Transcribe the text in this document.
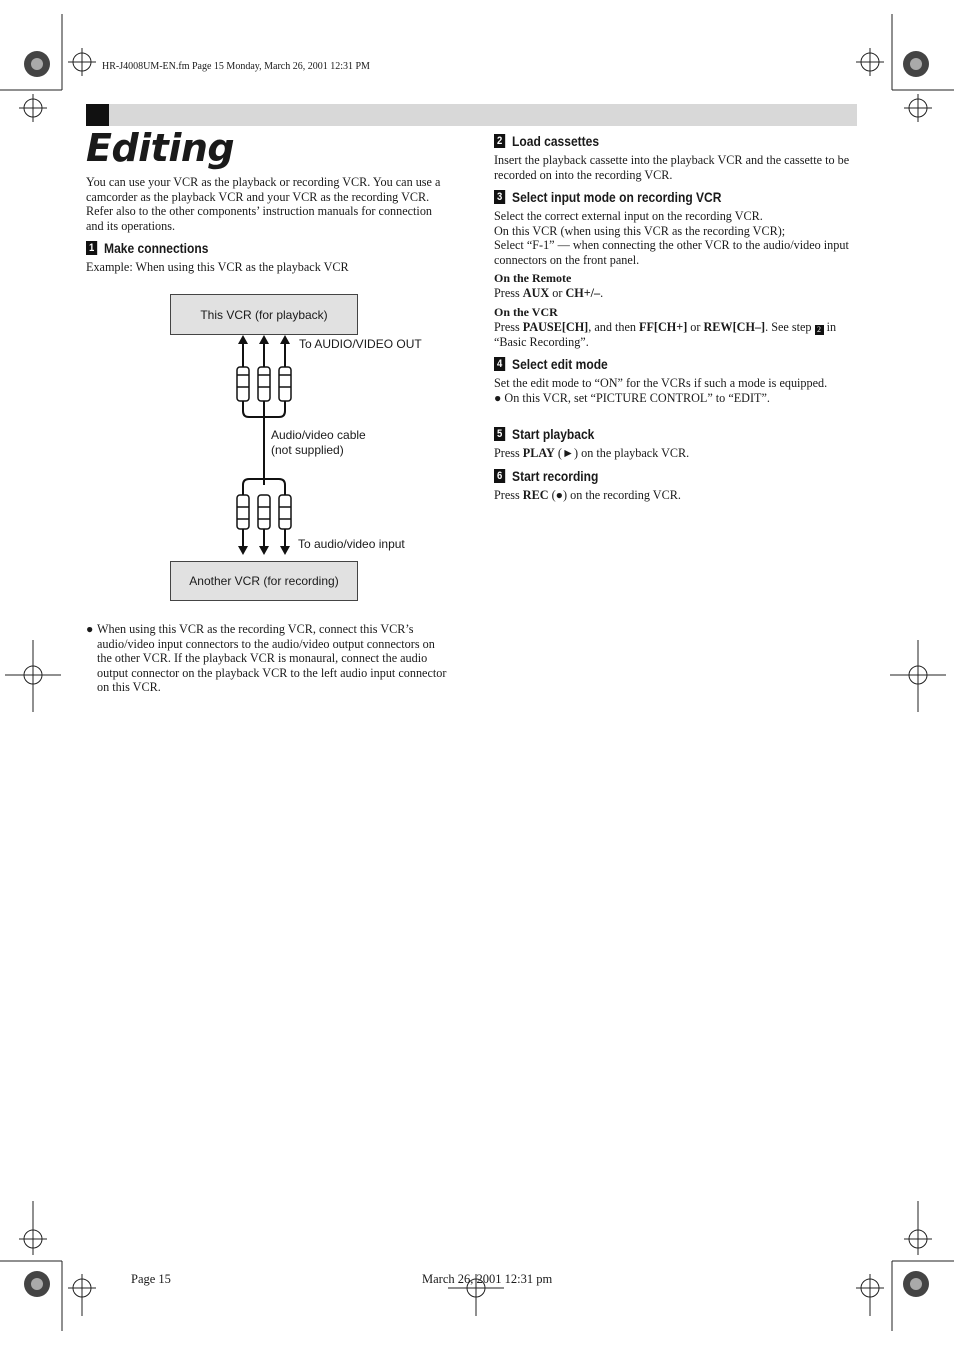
HR-J4008UM-EN.fm Page 15 Monday, March 26, 2001 12:31 PM
Editing
You can use your VCR as the playback or recording VCR. You can use a camcorder as the playback VCR and your VCR as the recording VCR. Refer also to the other components’ instruction manuals for connection and its operations.
1 Make connections
Example: When using this VCR as the playback VCR
This VCR (for playback)
Another VCR (for recording)
To AUDIO/VIDEO OUT
Audio/video cable
(not supplied)
To audio/video input
● When using this VCR as the recording VCR, connect this VCR’s audio/video input connectors to the audio/video output connectors on the other VCR. If the playback VCR is monaural, connect the audio output connector on the playback VCR to the left audio input connector on this VCR.
2 Load cassettes
Insert the playback cassette into the playback VCR and the cassette to be recorded on into the recording VCR.
3 Select input mode on recording VCR
Select the correct external input on the recording VCR.
On this VCR (when using this VCR as the recording VCR);
Select “F-1” — when connecting the other VCR to the audio/video input connectors on the front panel.
On the Remote
Press AUX or CH+/–.
On the VCR
Press PAUSE[CH], and then FF[CH+] or REW[CH–]. See step 2 in “Basic Recording”.
4 Select edit mode
Set the edit mode to “ON” for the VCRs if such a mode is equipped.
● On this VCR, set “PICTURE CONTROL” to “EDIT”.
5 Start playback
Press PLAY (►) on the playback VCR.
6 Start recording
Press REC (●) on the recording VCR.
Page 15	March 26, 2001 12:31 pm
